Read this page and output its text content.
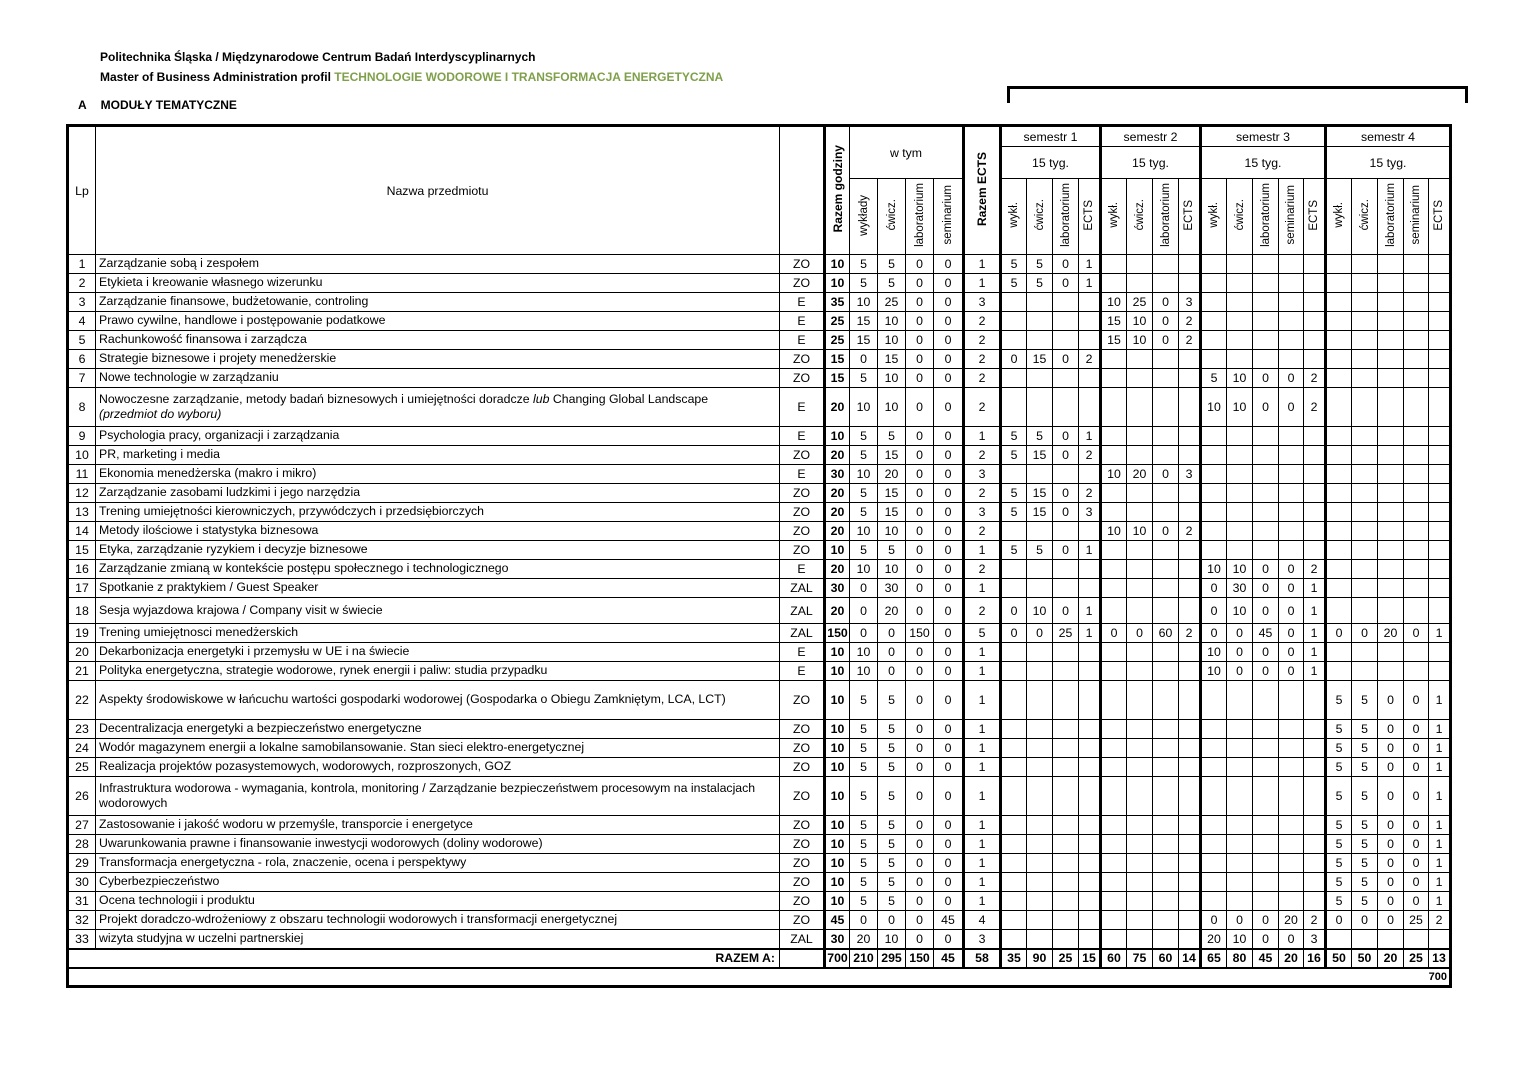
Politechnika Śląska / Międzynarodowe Centrum Badań Interdyscyplinarnych
Master of Business Administration profil TECHNOLOGIE WODOROWE I TRANSFORMACJA ENERGETYCZNA
A MODUŁY TEMATYCZNE
Lp	Nazwa przedmiotu		Razem godziny	w tym				Razem ECTS	semestr 1				semestr 2				semestr 3					semestr 4				
									15 tyg.				15 tyg.				15 tyg.					15 tyg.				
				wykłady	ćwicz.	laboratorium	seminarium		wykł.	ćwicz.	laboratorium	ECTS	wykł.	ćwicz.	laboratorium	ECTS	wykł.	ćwicz.	laboratorium	seminarium	ECTS	wykł.	ćwicz.	laboratorium	seminarium	ECTS
1	Zarządzanie sobą i zespołem	ZO	10	5	5	0	0	1	5	5	0	1														
2	Etykieta i kreowanie własnego wizerunku	ZO	10	5	5	0	0	1	5	5	0	1														
3	Zarządzanie finansowe, budżetowanie, controling	E	35	10	25	0	0	3					10	25	0	3										
4	Prawo cywilne, handlowe i postępowanie podatkowe	E	25	15	10	0	0	2					15	10	0	2										
5	Rachunkowość finansowa i zarządcza	E	25	15	10	0	0	2					15	10	0	2										
6	Strategie biznesowe i projety menedżerskie	ZO	15	0	15	0	0	2	0	15	0	2														
7	Nowe technologie w zarządzaniu	ZO	15	5	10	0	0	2									5	10	0	0	2					
8	Nowoczesne zarządzanie, metody badań biznesowych i umiejętności doradcze lub Changing Global Landscape
(przedmiot do wyboru)	E	20	10	10	0	0	2									10	10	0	0	2					
9	Psychologia pracy, organizacji i zarządzania	E	10	5	5	0	0	1	5	5	0	1														
10	PR, marketing i media	ZO	20	5	15	0	0	2	5	15	0	2														
11	Ekonomia menedżerska (makro i mikro)	E	30	10	20	0	0	3					10	20	0	3										
12	Zarządzanie zasobami ludzkimi i jego narzędzia	ZO	20	5	15	0	0	2	5	15	0	2														
13	Trening umiejętności kierowniczych, przywódczych i przedsiębiorczych	ZO	20	5	15	0	0	3	5	15	0	3														
14	Metody ilościowe i statystyka biznesowa	ZO	20	10	10	0	0	2					10	10	0	2										
15	Etyka, zarządzanie ryzykiem i decyzje biznesowe	ZO	10	5	5	0	0	1	5	5	0	1														
16	Zarządzanie zmianą w kontekście postępu społecznego i technologicznego	E	20	10	10	0	0	2									10	10	0	0	2					
17	Spotkanie z praktykiem / Guest Speaker	ZAL	30	0	30	0	0	1									0	30	0	0	1					
18	Sesja wyjazdowa krajowa / Company visit w świecie	ZAL	20	0	20	0	0	2	0	10	0	1					0	10	0	0	1					
19	Trening umiejętnosci menedżerskich	ZAL	150	0	0	150	0	5	0	0	25	1	0	0	60	2	0	0	45	0	1	0	0	20	0	1
20	Dekarbonizacja energetyki i przemysłu w UE i na świecie	E	10	10	0	0	0	1									10	0	0	0	1					
21	Polityka energetyczna, strategie wodorowe, rynek energii i paliw: studia przypadku	E	10	10	0	0	0	1									10	0	0	0	1					
22	Aspekty środowiskowe w łańcuchu wartości gospodarki wodorowej (Gospodarka o Obiegu Zamkniętym, LCA, LCT)	ZO	10	5	5	0	0	1														5	5	0	0	1
23	Decentralizacja energetyki a bezpieczeństwo energetyczne	ZO	10	5	5	0	0	1														5	5	0	0	1
24	Wodór magazynem energii a lokalne samobilansowanie. Stan sieci elektro-energetycznej	ZO	10	5	5	0	0	1														5	5	0	0	1
25	Realizacja projektów pozasystemowych, wodorowych, rozproszonych, GOZ	ZO	10	5	5	0	0	1														5	5	0	0	1
26	Infrastruktura wodorowa - wymagania, kontrola, monitoring / Zarządzanie bezpieczeństwem procesowym na instalacjach wodorowych	ZO	10	5	5	0	0	1														5	5	0	0	1
27	Zastosowanie i jakość wodoru w przemyśle, transporcie i energetyce	ZO	10	5	5	0	0	1														5	5	0	0	1
28	Uwarunkowania prawne i finansowanie inwestycji wodorowych (doliny wodorowe)	ZO	10	5	5	0	0	1														5	5	0	0	1
29	Transformacja energetyczna - rola, znaczenie, ocena i perspektywy	ZO	10	5	5	0	0	1														5	5	0	0	1
30	Cyberbezpieczeństwo	ZO	10	5	5	0	0	1														5	5	0	0	1
31	Ocena technologii i produktu	ZO	10	5	5	0	0	1														5	5	0	0	1
32	Projekt doradczo-wdrożeniowy z obszaru technologii wodorowych i transformacji energetycznej	ZO	45	0	0	0	45	4									0	0	0	20	2	0	0	0	25	2
33	wizyta studyjna w uczelni partnerskiej	ZAL	30	20	10	0	0	3									20	10	0	0	3					
RAZEM A:			700	210	295	150	45	58	35	90	25	15	60	75	60	14	65	80	45	20	16	50	50	20	25	13
700																										
